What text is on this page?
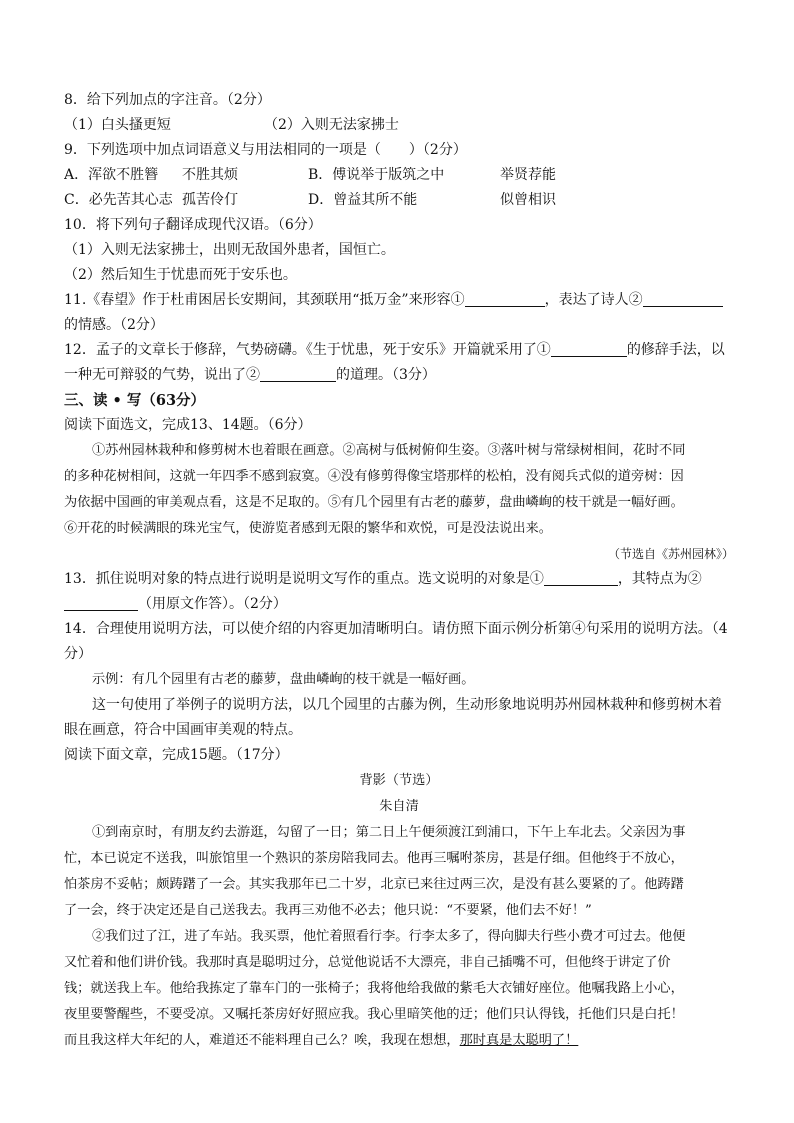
8．给下列加点的字注音。（2分）
（1）白头搔更短	（2）入则无法家拂士
9．下列选项中加点词语意义与用法相同的一项是（　　）（2分）
A．浑欲不胜簪 不胜其烦	B．傅说举于版筑之中	举贤荐能
C．必先苦其心志 孤苦伶仃	D．曾益其所不能	似曾相识
10．将下列句子翻译成现代汉语。（6分）
（1）入则无法家拂士，出则无敌国外患者，国恒亡。
（2）然后知生于忧患而死于安乐也。
11.《春望》作于杜甫困居长安期间，其颈联用“抵万金”来形容①	，表达了诗人②
的情感。（2分）
12．孟子的文章长于修辞，气势磅礴。《生于忧患，死于安乐》开篇就采用了①	的修辞手法，以
一种无可辩驳的气势，说出了②	的道理。（3分）
三、读 • 写（63分）
阅读下面选文，完成13、14题。（6分）
①苏州园林栽种和修剪树木也着眼在画意。②高树与低树俯仰生姿。③落叶树与常绿树相间，花时不同
的多种花树相间，这就一年四季不感到寂寞。④没有修剪得像宝塔那样的松柏，没有阅兵式似的道旁树：因
为依据中国画的审美观点看，这是不足取的。⑤有几个园里有古老的藤萝，盘曲嶙峋的枝干就是一幅好画。
⑥开花的时候满眼的珠光宝气，使游览者感到无限的繁华和欢悦，可是没法说出来。
（节选自《苏州园林》）
13．抓住说明对象的特点进行说明是说明文写作的重点。选文说明的对象是①	，其特点为②
（用原文作答）。（2分）
14．合理使用说明方法，可以使介绍的内容更加清晰明白。请仿照下面示例分析第④句采用的说明方法。（4
分）
示例：有几个园里有古老的藤萝，盘曲嶙峋的枝干就是一幅好画。
这一句使用了举例子的说明方法，以几个园里的古藤为例，生动形象地说明苏州园林栽种和修剪树木着
眼在画意，符合中国画审美观的特点。
阅读下面文章，完成15题。（17分）
背影（节选）
朱自清
①到南京时，有朋友约去游逛，勾留了一日；第二日上午便须渡江到浦口，下午上车北去。父亲因为事
忙，本已说定不送我，叫旅馆里一个熟识的茶房陪我同去。他再三嘱咐茶房，甚是仔细。但他终于不放心，
怕茶房不妥帖；颇踌躇了一会。其实我那年已二十岁，北京已来往过两三次，是没有甚么要紧的了。他踌躇
了一会，终于决定还是自己送我去。我再三劝他不必去；他只说：“不要紧，他们去不好！”
②我们过了江，进了车站。我买票，他忙着照看行李。行李太多了，得向脚夫行些小费才可过去。他便
又忙着和他们讲价钱。我那时真是聪明过分，总觉他说话不大漂亮，非自己插嘴不可，但他终于讲定了价
钱；就送我上车。他给我拣定了靠车门的一张椅子；我将他给我做的紫毛大衣铺好座位。他嘱我路上小心，
夜里要警醒些，不要受凉。又嘱托茶房好好照应我。我心里暗笑他的迂；他们只认得钱，托他们只是白托！
而且我这样大年纪的人，难道还不能料理自己么？唉，我现在想想，那时真是太聪明了！
